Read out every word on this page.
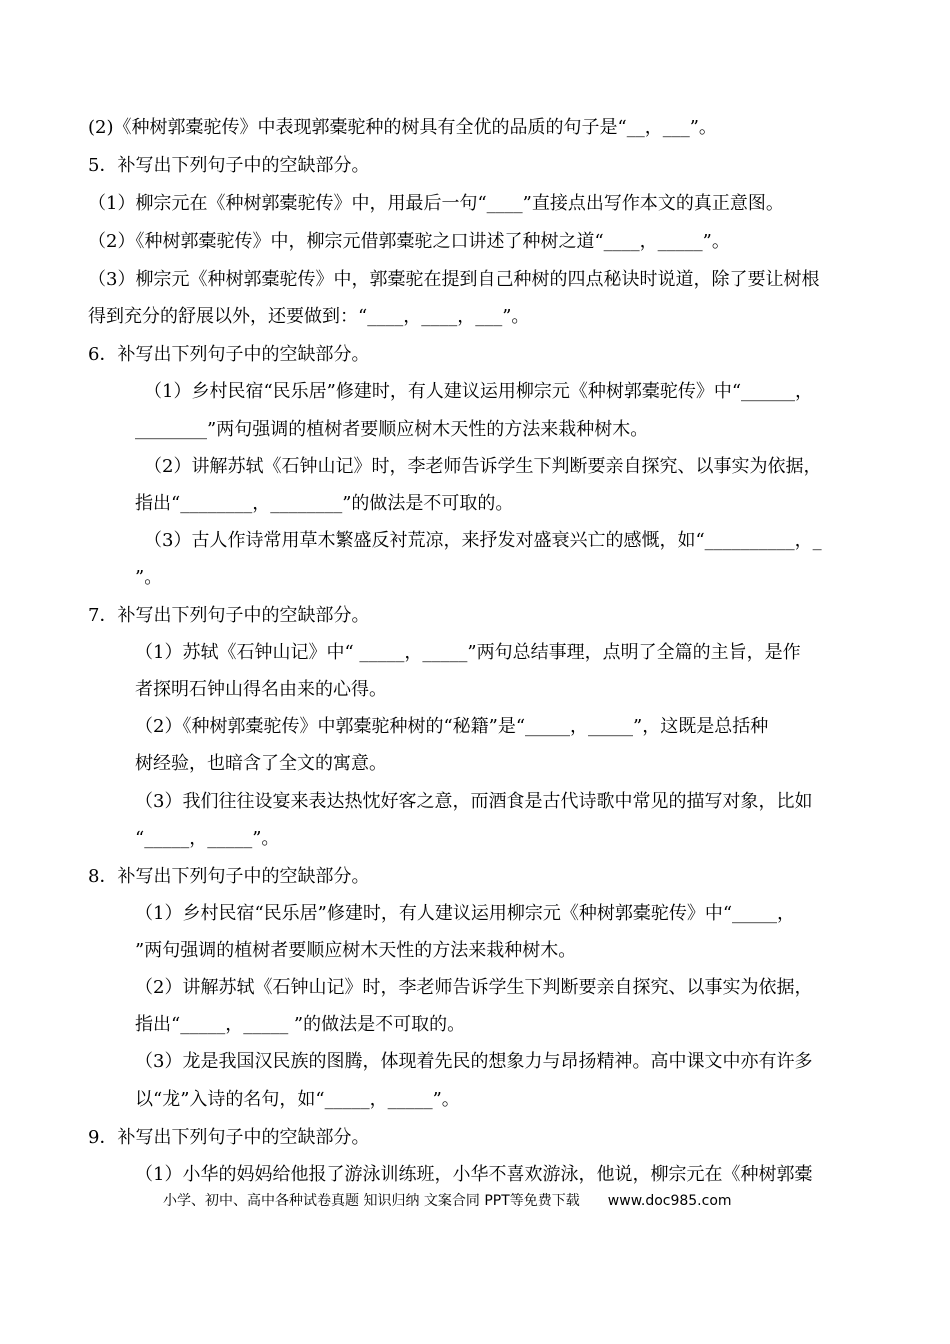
(2)《种树郭橐驼传》中表现郭橐驼种的树具有全优的品质的句子是“__，___”。
5．补写出下列句子中的空缺部分。
（1）柳宗元在《种树郭橐驼传》中，用最后一句“____”直接点出写作本文的真正意图。
（2）《种树郭橐驼传》中，柳宗元借郭橐驼之口讲述了种树之道“____，_____”。
（3）柳宗元《种树郭橐驼传》中，郭橐驼在提到自己种树的四点秘诀时说道，除了要让树根
得到充分的舒展以外，还要做到：“____，____，___”。
6．补写出下列句子中的空缺部分。
（1）乡村民宿“民乐居”修建时，有人建议运用柳宗元《种树郭橐驼传》中“______，
________”两句强调的植树者要顺应树木天性的方法来栽种树木。
（2）讲解苏轼《石钟山记》时，李老师告诉学生下判断要亲自探究、以事实为依据，
指出“________，________”的做法是不可取的。
（3）古人作诗常用草木繁盛反衬荒凉，来抒发对盛衰兴亡的感慨，如“__________，_
”。
7．补写出下列句子中的空缺部分。
（1）苏轼《石钟山记》中“ _____，_____”两句总结事理，点明了全篇的主旨，是作
者探明石钟山得名由来的心得。
（2）《种树郭橐驼传》中郭橐驼种树的“秘籍”是“_____，_____”，这既是总括种
树经验，也暗含了全文的寓意。
（3）我们往往设宴来表达热忱好客之意，而酒食是古代诗歌中常见的描写对象，比如
“_____，_____”。
8．补写出下列句子中的空缺部分。
（1）乡村民宿“民乐居”修建时，有人建议运用柳宗元《种树郭橐驼传》中“_____，
”两句强调的植树者要顺应树木天性的方法来栽种树木。
（2）讲解苏轼《石钟山记》时，李老师告诉学生下判断要亲自探究、以事实为依据，
指出“_____，_____ ”的做法是不可取的。
（3）龙是我国汉民族的图腾，体现着先民的想象力与昂扬精神。高中课文中亦有许多
以“龙”入诗的名句，如“_____，_____”。
9．补写出下列句子中的空缺部分。
（1）小华的妈妈给他报了游泳训练班，小华不喜欢游泳，他说，柳宗元在《种树郭橐
小学、初中、高中各种试卷真题 知识归纳 文案合同 PPT等免费下载 www.doc985.com
